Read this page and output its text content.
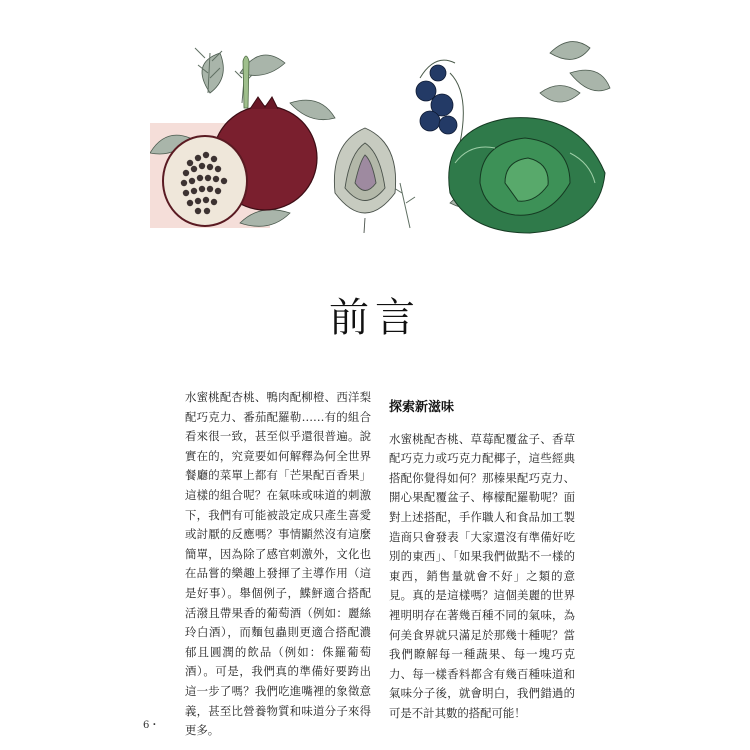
前言

水蜜桃配杏桃、鴨肉配柳橙、西洋梨配巧克力、番茄配羅勒……有的組合看來很一致，甚至似乎還很普遍。說實在的，究竟要如何解釋為何全世界餐廳的菜單上都有「芒果配百香果」這樣的組合呢？在氣味或味道的刺激下，我們有可能被設定成只產生喜愛或討厭的反應嗎？事情顯然沒有這麼簡單，因為除了感官刺激外，文化也在品嘗的樂趣上發揮了主導作用（這是好事）。舉個例子，鰈鮃適合搭配活潑且帶果香的葡萄酒（例如：麗絲玲白酒），而麵包蟲則更適合搭配濃郁且圓潤的飲品（例如：侏羅葡萄酒）。可是，我們真的準備好要跨出這一步了嗎？我們吃進嘴裡的象徵意義，甚至比營養物質和味道分子來得更多。

探索新滋味

水蜜桃配杏桃、草莓配覆盆子、香草配巧克力或巧克力配椰子，這些經典搭配你覺得如何？那榛果配巧克力、開心果配覆盆子、檸檬配羅勒呢？面對上述搭配，手作職人和食品加工製造商只會發表「大家還沒有準備好吃別的東西」、「如果我們做點不一樣的東西，銷售量就會不好」之類的意見。真的是這樣嗎？這個美麗的世界裡明明存在著幾百種不同的氣味，為何美食界就只滿足於那幾十種呢？當我們瞭解每一種蔬果、每一塊巧克力、每一樣香料都含有幾百種味道和氣味分子後，就會明白，我們錯過的可是不計其數的搭配可能！

6・
